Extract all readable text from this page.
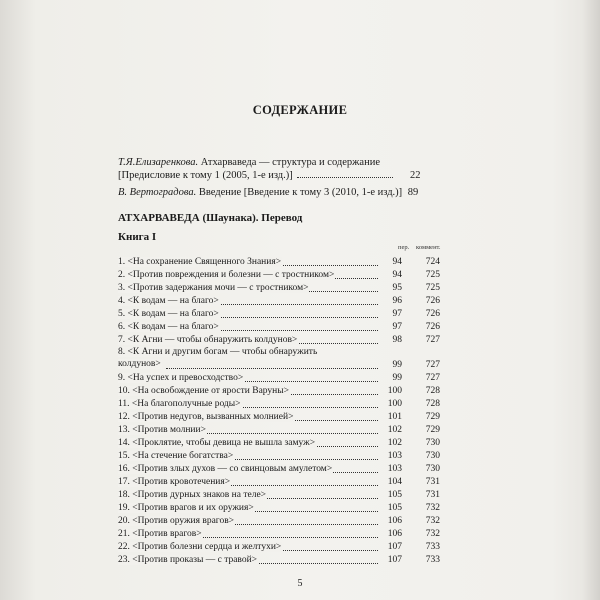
СОДЕРЖАНИЕ
Т.Я.Елизаренкова. Атхарваведа — структура и содержание
[Предисловие к тому 1 (2005, 1-е изд.)]	22
В. Вертоградова. Введение [Введение к тому 3 (2010, 1-е изд.)] 89
АТХАРВАВЕДА (Шаунака). Перевод
Книга I
пер. коммент.
1. <На сохранение Священного Знания>	94	724
2. <Против повреждения и болезни — с тростником>	94	725
3. <Против задержания мочи — с тростником>	95	725
4. <К водам — на благо>	96	726
5. <К водам — на благо>	97	726
6. <К водам — на благо>	97	726
7. <К Агни — чтобы обнаружить колдунов>	98	727
8. <К Агни и другим богам — чтобы обнаружить колдунов>	99	727
9. <На успех и превосходство>	99	727
10. <На освобождение от ярости Варуны>	100	728
11. <На благополучные роды>	100	728
12. <Против недугов, вызванных молнией>	101	729
13. <Против молнии>	102	729
14. <Проклятие, чтобы девица не вышла замуж>	102	730
15. <На стечение богатства>	103	730
16. <Против злых духов — со свинцовым амулетом>	103	730
17. <Против кровотечения>	104	731
18. <Против дурных знаков на теле>	105	731
19. <Против врагов и их оружия>	105	732
20. <Против оружия врагов>	106	732
21. <Против врагов>	106	732
22. <Против болезни сердца и желтухи>	107	733
23. <Против проказы — с травой>	107	733
5
